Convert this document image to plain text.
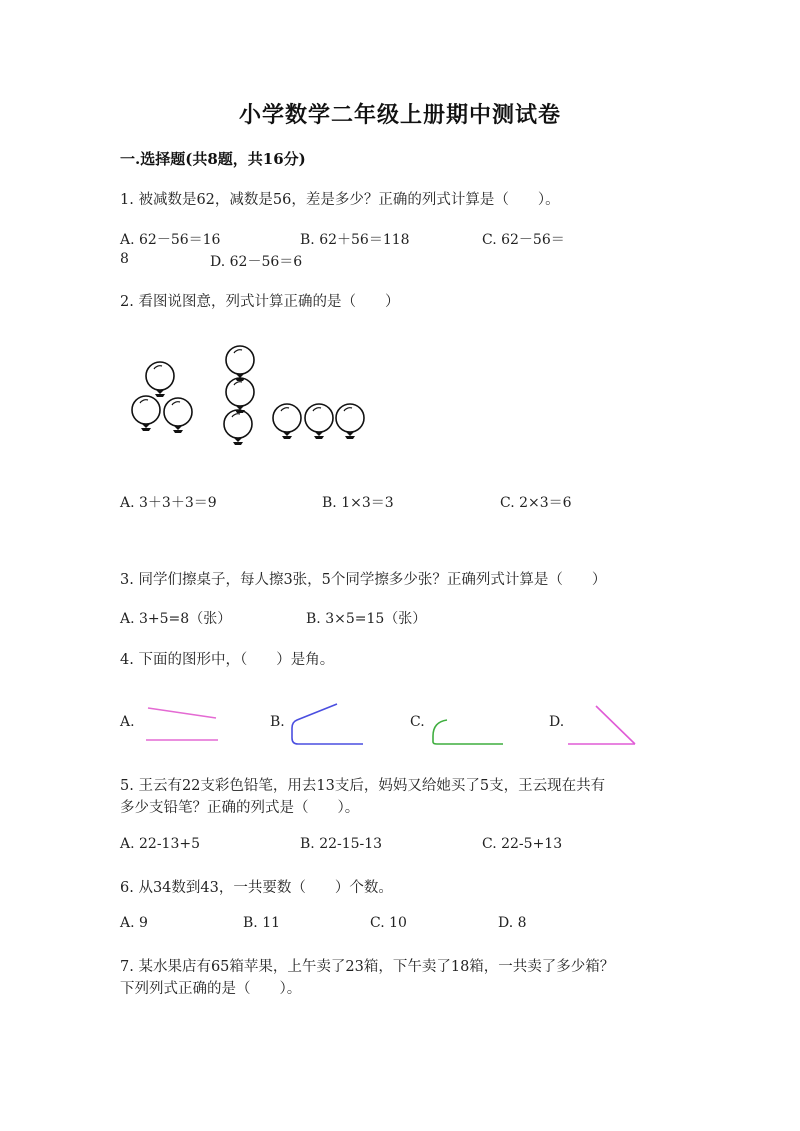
小学数学二年级上册期中测试卷
一.选择题(共8题，共16分)
1. 被减数是62，减数是56，差是多少？正确的列式计算是（　　）。
A. 62－56＝16	B. 62＋56＝118	C. 62－56＝
8	D. 62－56＝6
2. 看图说图意，列式计算正确的是（　　）
A. 3＋3＋3＝9	B. 1×3＝3	C. 2×3＝6
3. 同学们擦桌子，每人擦3张，5个同学擦多少张？正确列式计算是（　　）
A. 3+5=8（张）	B. 3×5=15（张）
4. 下面的图形中，（　　）是角。
A.	B.	C.	D.
5. 王云有22支彩色铅笔，用去13支后，妈妈又给她买了5支，王云现在共有
多少支铅笔？正确的列式是（　　）。
A. 22-13+5	B. 22-15-13	C. 22-5+13
6. 从34数到43，一共要数（　　）个数。
A. 9	B. 11	C. 10	D. 8
7. 某水果店有65箱苹果，上午卖了23箱，下午卖了18箱，一共卖了多少箱？
下列列式正确的是（　　）。
